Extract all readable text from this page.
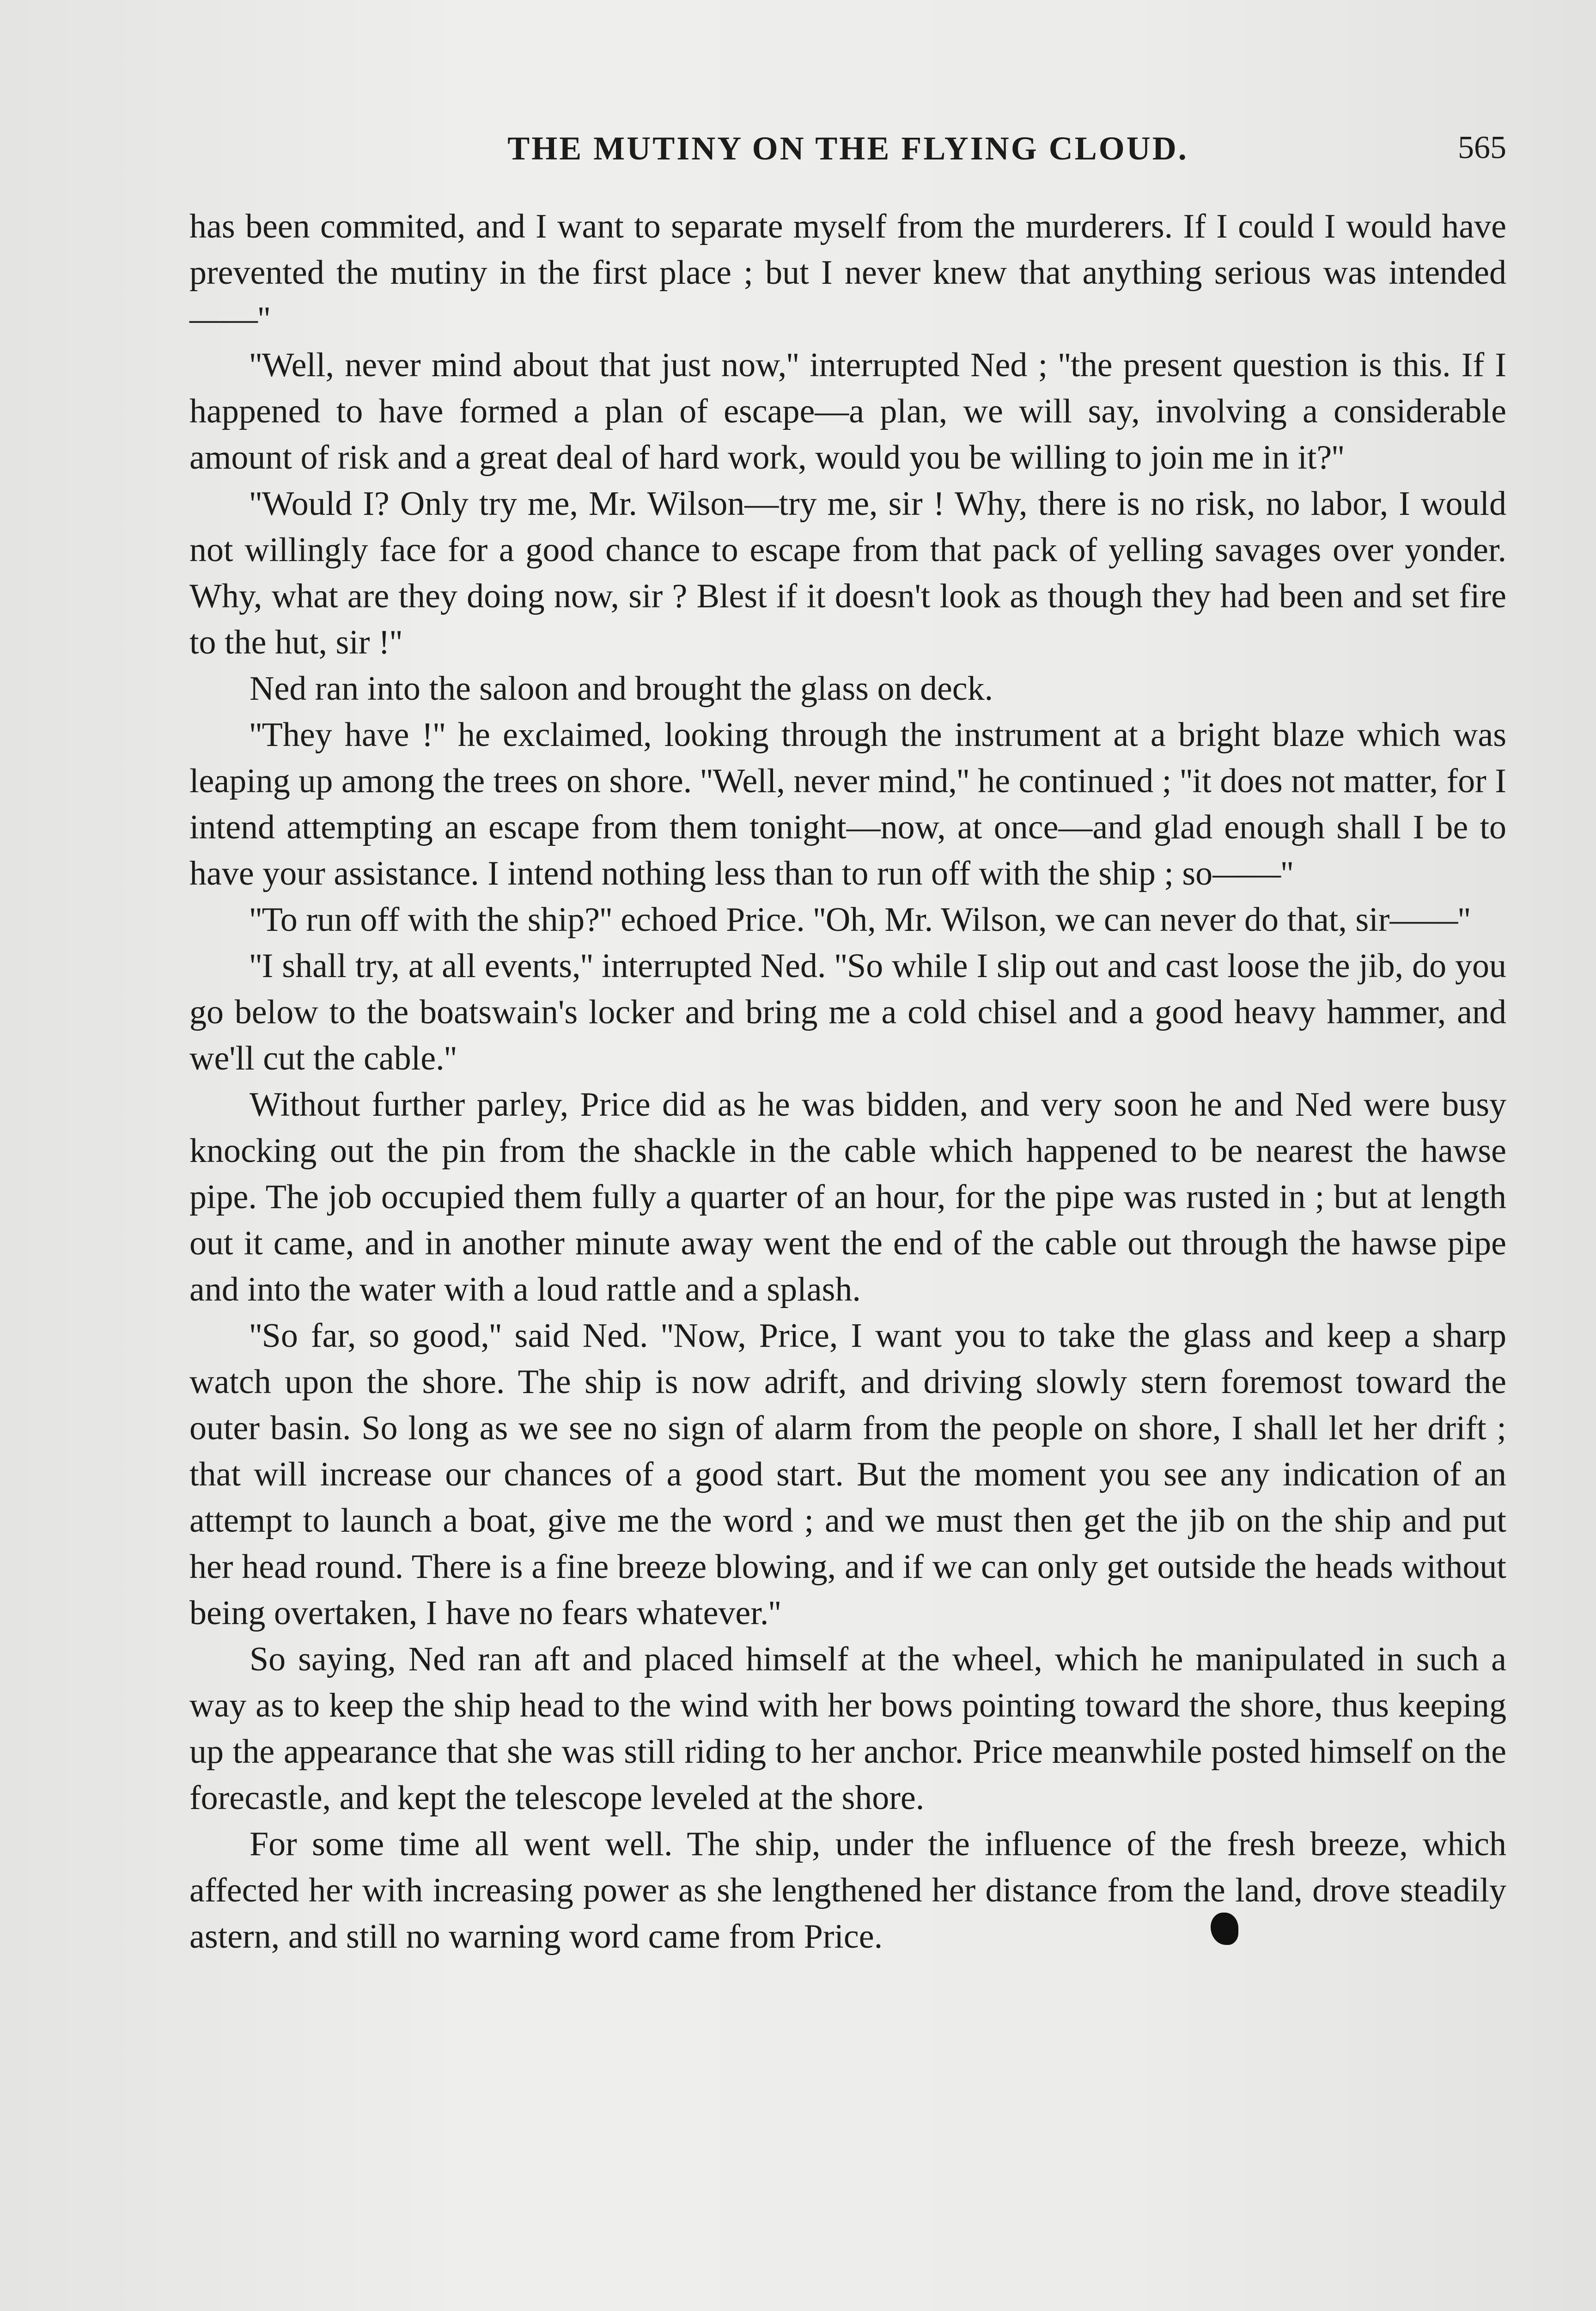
THE MUTINY ON THE FLYING CLOUD.	565

has been commited, and I want to separate myself from the murderers. If I could I would have prevented the mutiny in the first place ; but I never knew that anything serious was intended——''

''Well, never mind about that just now,'' interrupted Ned ; ''the present question is this. If I happened to have formed a plan of escape—a plan, we will say, involving a considerable amount of risk and a great deal of hard work, would you be willing to join me in it?''

''Would I? Only try me, Mr. Wilson—try me, sir ! Why, there is no risk, no labor, I would not willingly face for a good chance to escape from that pack of yelling savages over yonder. Why, what are they doing now, sir ? Blest if it doesn't look as though they had been and set fire to the hut, sir !''

Ned ran into the saloon and brought the glass on deck.

''They have !'' he exclaimed, looking through the instrument at a bright blaze which was leaping up among the trees on shore. ''Well, never mind,'' he continued ; ''it does not matter, for I intend attempting an escape from them tonight—now, at once—and glad enough shall I be to have your assistance. I intend nothing less than to run off with the ship ; so——''

''To run off with the ship?'' echoed Price. ''Oh, Mr. Wilson, we can never do that, sir——''

''I shall try, at all events,'' interrupted Ned. ''So while I slip out and cast loose the jib, do you go below to the boatswain's locker and bring me a cold chisel and a good heavy hammer, and we'll cut the cable.''

Without further parley, Price did as he was bidden, and very soon he and Ned were busy knocking out the pin from the shackle in the cable which happened to be nearest the hawse pipe. The job occupied them fully a quarter of an hour, for the pipe was rusted in ; but at length out it came, and in another minute away went the end of the cable out through the hawse pipe and into the water with a loud rattle and a splash.

''So far, so good,'' said Ned. ''Now, Price, I want you to take the glass and keep a sharp watch upon the shore. The ship is now adrift, and driving slowly stern foremost toward the outer basin. So long as we see no sign of alarm from the people on shore, I shall let her drift ; that will increase our chances of a good start. But the moment you see any indication of an attempt to launch a boat, give me the word ; and we must then get the jib on the ship and put her head round. There is a fine breeze blowing, and if we can only get outside the heads without being overtaken, I have no fears whatever.''

So saying, Ned ran aft and placed himself at the wheel, which he manipulated in such a way as to keep the ship head to the wind with her bows pointing toward the shore, thus keeping up the appearance that she was still riding to her anchor. Price meanwhile posted himself on the forecastle, and kept the telescope leveled at the shore.

For some time all went well. The ship, under the influence of the fresh breeze, which affected her with increasing power as she lengthened her distance from the land, drove steadily astern, and still no warning word came from Price.
